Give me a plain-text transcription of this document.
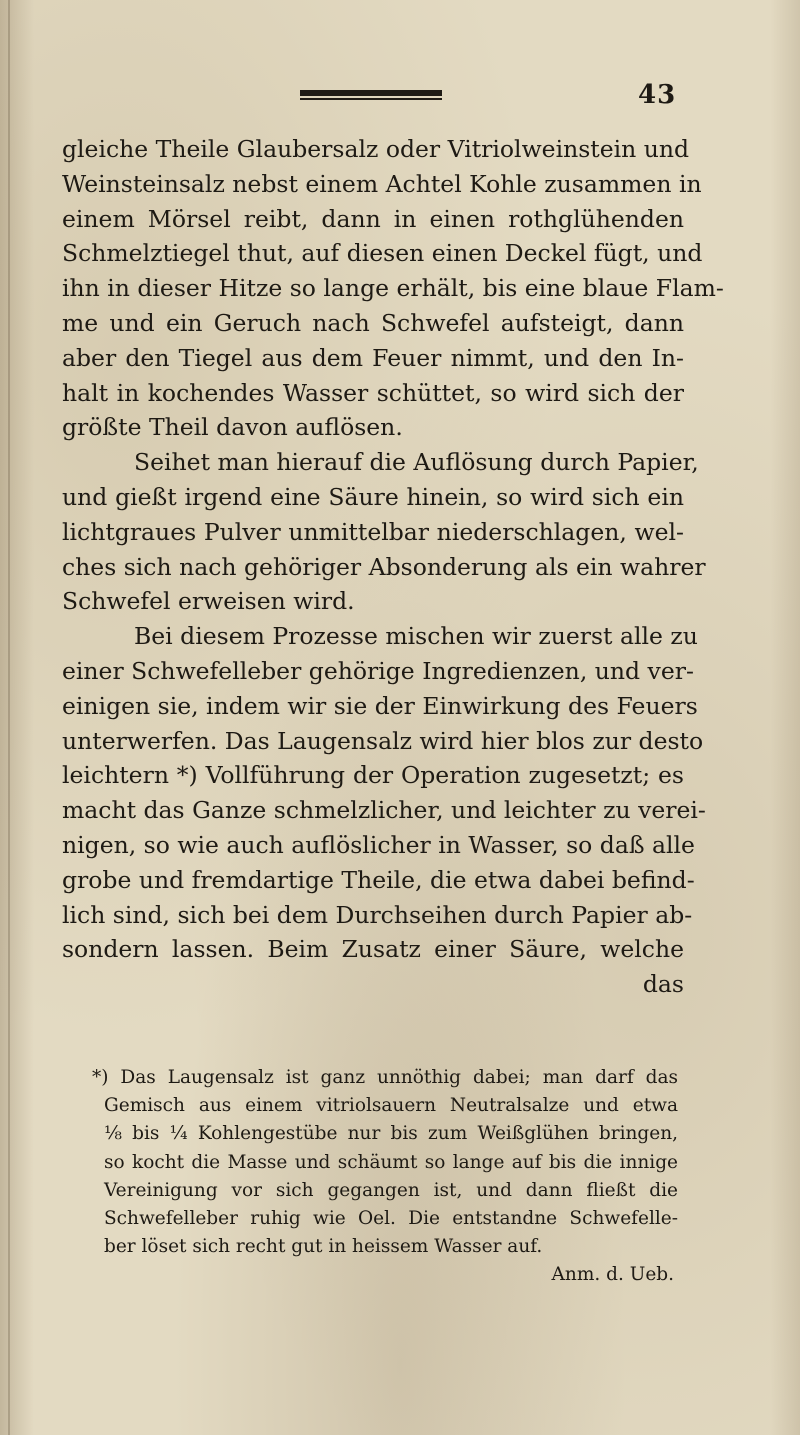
43
gleiche Theile Glaubersalz oder Vitriolweinstein und
Weinsteinsalz nebst einem Achtel Kohle zusammen in
einem Mörsel reibt, dann in einen rothglühenden
Schmelztiegel thut, auf diesen einen Deckel fügt, und
ihn in dieser Hitze so lange erhält, bis eine blaue Flam-
me und ein Geruch nach Schwefel aufsteigt, dann
aber den Tiegel aus dem Feuer nimmt, und den In-
halt in kochendes Wasser schüttet, so wird sich der
größte Theil davon auflösen.
Seihet man hierauf die Auflösung durch Papier,
und gießt irgend eine Säure hinein, so wird sich ein
lichtgraues Pulver unmittelbar niederschlagen, wel-
ches sich nach gehöriger Absonderung als ein wahrer
Schwefel erweisen wird.
Bei diesem Prozesse mischen wir zuerst alle zu
einer Schwefelleber gehörige Ingredienzen, und ver-
einigen sie, indem wir sie der Einwirkung des Feuers
unterwerfen. Das Laugensalz wird hier blos zur desto
leichtern *) Vollführung der Operation zugesetzt; es
macht das Ganze schmelzlicher, und leichter zu verei-
nigen, so wie auch auflöslicher in Wasser, so daß alle
grobe und fremdartige Theile, die etwa dabei befind-
lich sind, sich bei dem Durchseihen durch Papier ab-
sondern lassen. Beim Zusatz einer Säure, welche
das
*) Das Laugensalz ist ganz unnöthig dabei; man darf das
Gemisch aus einem vitriolsauern Neutralsalze und etwa
⅛ bis ¼ Kohlengestübe nur bis zum Weißglühen bringen,
so kocht die Masse und schäumt so lange auf bis die innige
Vereinigung vor sich gegangen ist, und dann fließt die
Schwefelleber ruhig wie Oel. Die entstandne Schwefelle-
ber löset sich recht gut in heissem Wasser auf.
Anm. d. Ueb.
